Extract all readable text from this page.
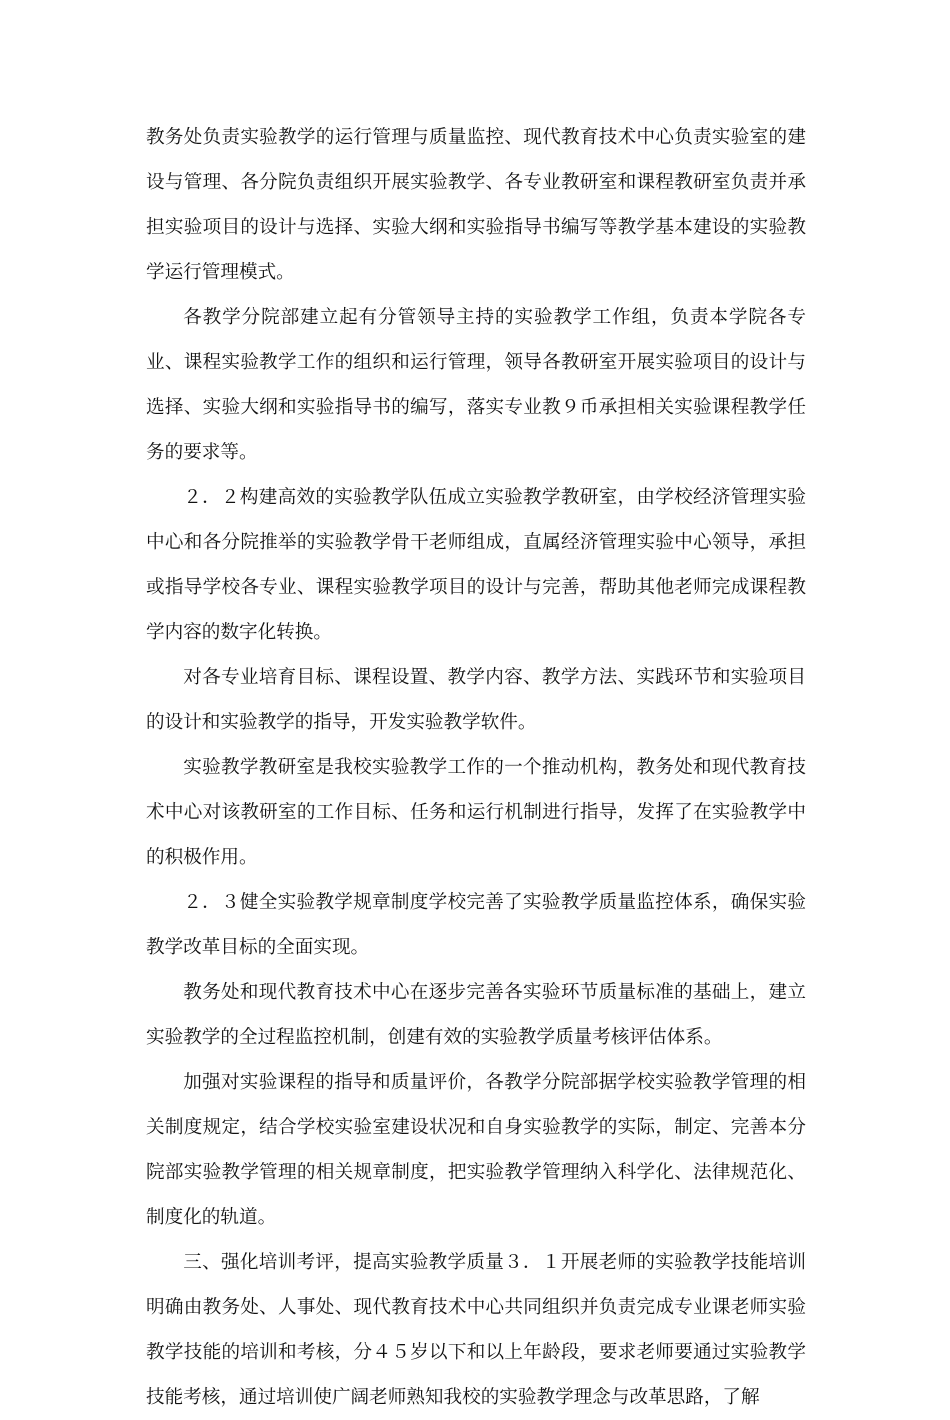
教务处负责实验教学的运行管理与质量监控、现代教育技术中心负责实验室的建设与管理、各分院负责组织开展实验教学、各专业教研室和课程教研室负责并承担实验项目的设计与选择、实验大纲和实验指导书编写等教学基本建设的实验教学运行管理模式。

各教学分院部建立起有分管领导主持的实验教学工作组，负责本学院各专业、课程实验教学工作的组织和运行管理，领导各教研室开展实验项目的设计与选择、实验大纲和实验指导书的编写，落实专业教９币承担相关实验课程教学任务的要求等。

２．２构建高效的实验教学队伍成立实验教学教研室，由学校经济管理实验中心和各分院推举的实验教学骨干老师组成，直属经济管理实验中心领导，承担或指导学校各专业、课程实验教学项目的设计与完善，帮助其他老师完成课程教学内容的数字化转换。

对各专业培育目标、课程设置、教学内容、教学方法、实践环节和实验项目的设计和实验教学的指导，开发实验教学软件。

实验教学教研室是我校实验教学工作的一个推动机构，教务处和现代教育技术中心对该教研室的工作目标、任务和运行机制进行指导，发挥了在实验教学中的积极作用。

２．３健全实验教学规章制度学校完善了实验教学质量监控体系，确保实验教学改革目标的全面实现。

教务处和现代教育技术中心在逐步完善各实验环节质量标准的基础上，建立实验教学的全过程监控机制，创建有效的实验教学质量考核评估体系。

加强对实验课程的指导和质量评价，各教学分院部据学校实验教学管理的相关制度规定，结合学校实验室建设状况和自身实验教学的实际，制定、完善本分院部实验教学管理的相关规章制度，把实验教学管理纳入科学化、法律规范化、制度化的轨道。

三、强化培训考评，提高实验教学质量３．１开展老师的实验教学技能培训明确由教务处、人事处、现代教育技术中心共同组织并负责完成专业课老师实验教学技能的培训和考核，分４５岁以下和以上年龄段，要求老师要通过实验教学技能考核，通过培训使广阔老师熟知我校的实验教学理念与改革思路，了解
